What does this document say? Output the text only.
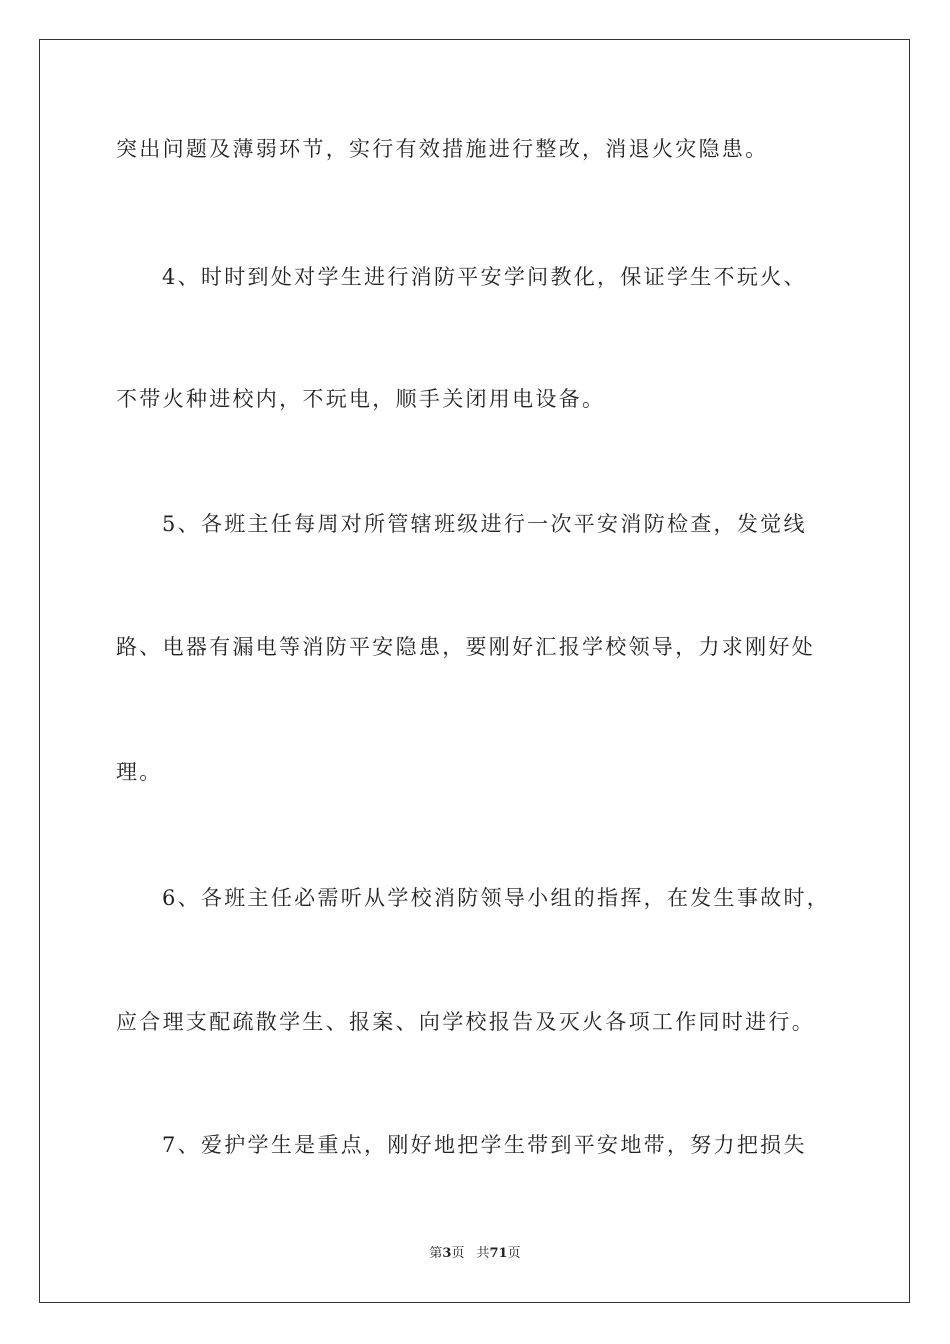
突出问题及薄弱环节，实行有效措施进行整改，消退火灾隐患。
4、时时到处对学生进行消防平安学问教化，保证学生不玩火、
不带火种进校内，不玩电，顺手关闭用电设备。
5、各班主任每周对所管辖班级进行一次平安消防检查，发觉线
路、电器有漏电等消防平安隐患，要刚好汇报学校领导，力求刚好处
理。
6、各班主任必需听从学校消防领导小组的指挥，在发生事故时，
应合理支配疏散学生、报案、向学校报告及灭火各项工作同时进行。
7、爱护学生是重点，刚好地把学生带到平安地带，努力把损失
第3页 共71页
